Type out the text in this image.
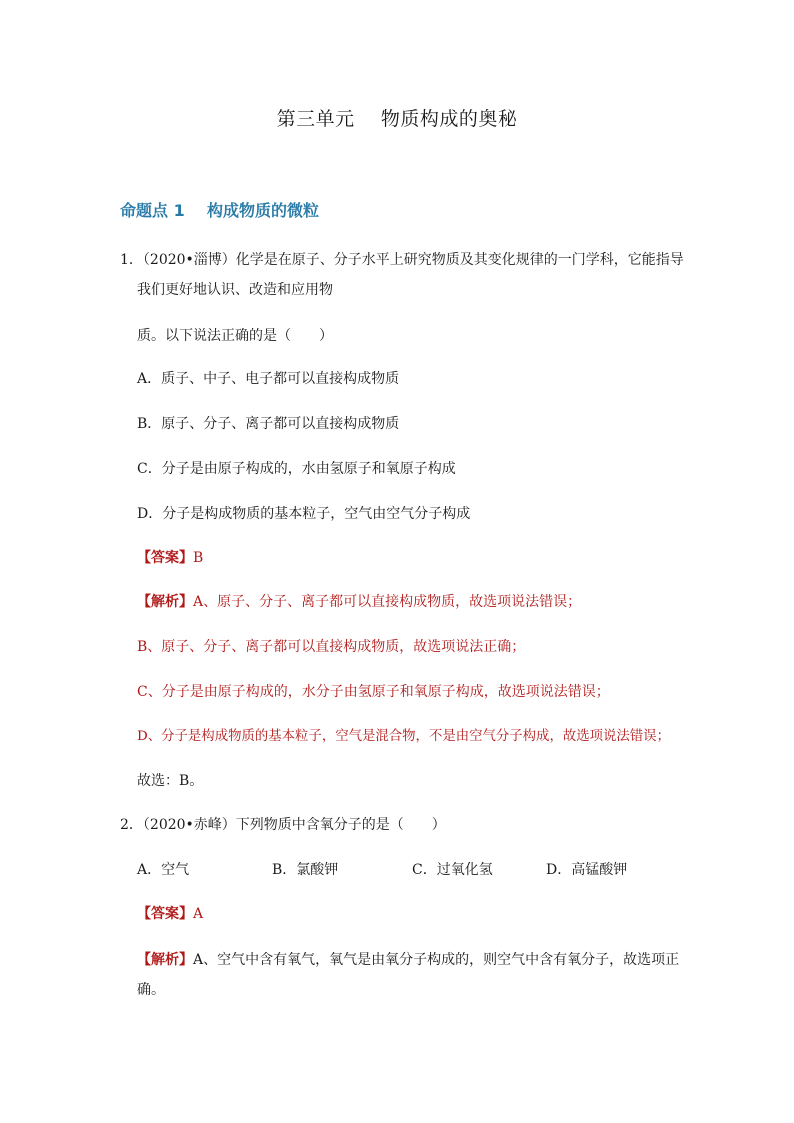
第三单元    物质构成的奥秘
命题点 1    构成物质的微粒
1．（2020•淄博）化学是在原子、分子水平上研究物质及其变化规律的一门学科，它能指导
我们更好地认识、改造和应用物
质。以下说法正确的是（　　）
A．质子、中子、电子都可以直接构成物质
B．原子、分子、离子都可以直接构成物质
C．分子是由原子构成的，水由氢原子和氧原子构成
D．分子是构成物质的基本粒子，空气由空气分子构成
【答案】B
【解析】A、原子、分子、离子都可以直接构成物质，故选项说法错误；
B、原子、分子、离子都可以直接构成物质，故选项说法正确；
C、分子是由原子构成的，水分子由氢原子和氧原子构成，故选项说法错误；
D、分子是构成物质的基本粒子，空气是混合物，不是由空气分子构成，故选项说法错误；
故选：B。
2．（2020•赤峰）下列物质中含氧分子的是（　　）
A．空气	B．氯酸钾	C．过氧化氢	D．高锰酸钾
【答案】A
【解析】A、空气中含有氧气，氧气是由氧分子构成的，则空气中含有氧分子，故选项正
确。
